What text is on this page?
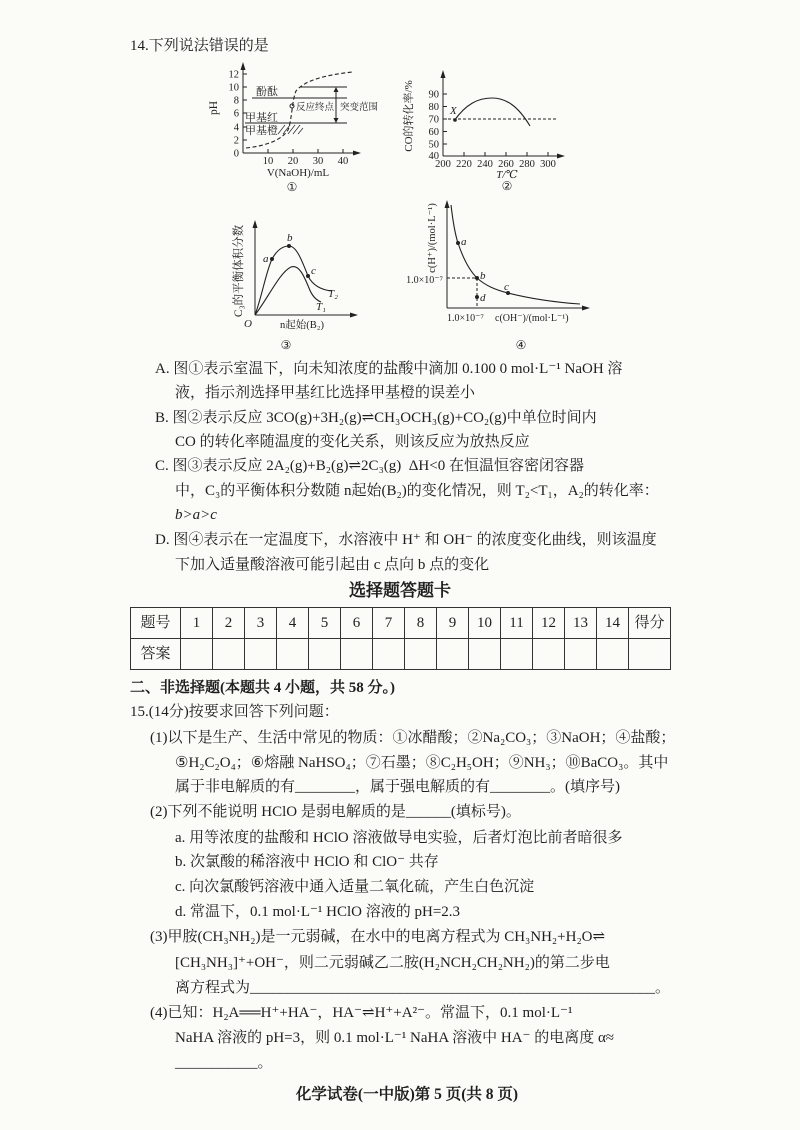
14.下列说法错误的是
pH
0
2
4
6
8
10
12
10 20 30 40
V(NaOH)/mL
①
酚酞
反应终点 突变范围
甲基红
甲基橙
X
CO的转化率/%
40
50
60
70
80
90
200 220 240 260 280 300
T/℃
②
a
b
c
T₂
T₁
O
C₃的平衡体积分数
n起始(B₂)
③
a
b
c
d
c(H⁺)/(mol·L⁻¹)
1.0×10⁻⁷
1.0×10⁻⁷ c(OH⁻)/(mol·L⁻¹)
④
A. 图①表示室温下，向未知浓度的盐酸中滴加 0.100 0 mol·L⁻¹ NaOH 溶
液，指示剂选择甲基红比选择甲基橙的误差小
B. 图②表示反应 3CO(g)+3H₂(g)⇌CH₃OCH₃(g)+CO₂(g)中单位时间内
CO 的转化率随温度的变化关系，则该反应为放热反应
C. 图③表示反应 2A₂(g)+B₂(g)⇌2C₃(g)  ΔH<0 在恒温恒容密闭容器
中，C₃的平衡体积分数随 n起始(B₂)的变化情况，则 T₂<T₁，A₂的转化率：
b>a>c
D. 图④表示在一定温度下，水溶液中 H⁺ 和 OH⁻ 的浓度变化曲线，则该温度
下加入适量酸溶液可能引起由 c 点向 b 点的变化
选择题答题卡
题号	1	2	3	4	5	6	7	8	9	10	11	12	13	14	得分
答案															
二、非选择题(本题共 4 小题，共 58 分。)
15.(14分)按要求回答下列问题：
(1)以下是生产、生活中常见的物质：①冰醋酸；②Na₂CO₃；③NaOH；④盐酸；
⑤H₂C₂O₄；⑥熔融 NaHSO₄；⑦石墨；⑧C₂H₅OH；⑨NH₃；⑩BaCO₃。其中
属于非电解质的有________，属于强电解质的有________。(填序号)
(2)下列不能说明 HClO 是弱电解质的是______(填标号)。
a. 用等浓度的盐酸和 HClO 溶液做导电实验，后者灯泡比前者暗很多
b. 次氯酸的稀溶液中 HClO 和 ClO⁻ 共存
c. 向次氯酸钙溶液中通入适量二氧化硫，产生白色沉淀
d. 常温下，0.1 mol·L⁻¹ HClO 溶液的 pH=2.3
(3)甲胺(CH₃NH₂)是一元弱碱，在水中的电离方程式为 CH₃NH₂+H₂O⇌
[CH₃NH₃]⁺+OH⁻，则二元弱碱乙二胺(H₂NCH₂CH₂NH₂)的第二步电
离方程式为______________________________________________________。
(4)已知：H₂A══H⁺+HA⁻，HA⁻⇌H⁺+A²⁻。常温下，0.1 mol·L⁻¹
NaHA 溶液的 pH=3，则 0.1 mol·L⁻¹ NaHA 溶液中 HA⁻ 的电离度 α≈
___________。
化学试卷(一中版)第 5 页(共 8 页)
